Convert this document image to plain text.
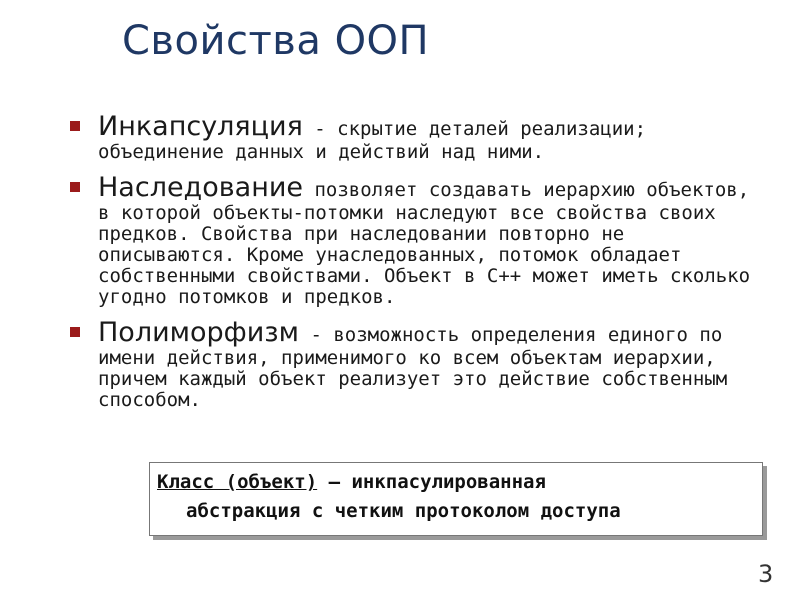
Свойства ООП
Инкапсуляция - скрытие деталей реализации; объединение данных и действий над ними.
Наследование позволяет создавать иерархию объектов, в которой объекты-потомки наследуют все свойства своих предков. Свойства при наследовании повторно не описываются. Кроме унаследованных, потомок обладает собственными свойствами. Объект в C++ может иметь сколько угодно потомков и предков.
Полиморфизм - возможность определения единого по имени действия, применимого ко всем объектам иерархии, причем каждый объект реализует это действие собственным способом.
Класс (объект) – инкпасулированная
абстракция с четким протоколом доступа
3
